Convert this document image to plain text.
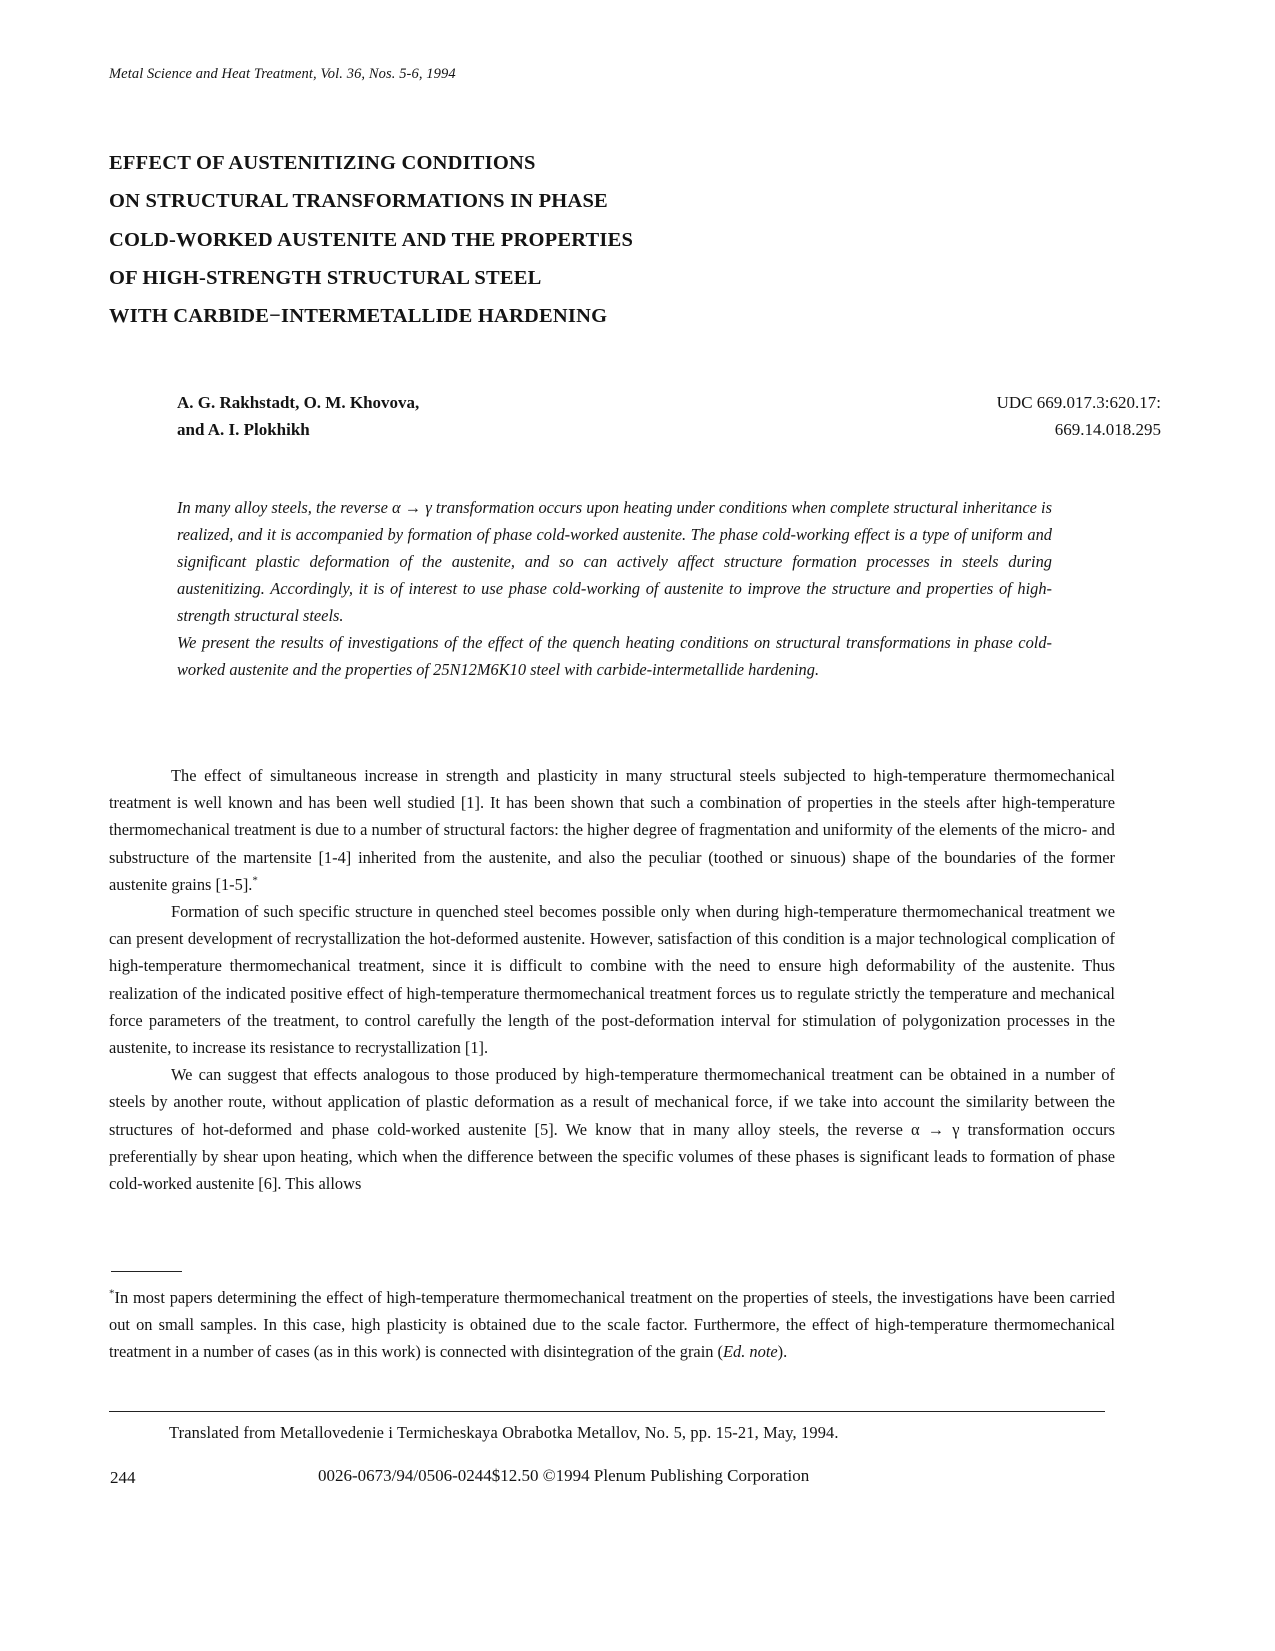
Metal Science and Heat Treatment, Vol. 36, Nos. 5-6, 1994
EFFECT OF AUSTENITIZING CONDITIONS
ON STRUCTURAL TRANSFORMATIONS IN PHASE
COLD-WORKED AUSTENITE AND THE PROPERTIES
OF HIGH-STRENGTH STRUCTURAL STEEL
WITH CARBIDE−INTERMETALLIDE HARDENING
A. G. Rakhstadt, O. M. Khovova,
and A. I. Plokhikh
UDC 669.017.3:620.17:
669.14.018.295

In many alloy steels, the reverse α → γ transformation occurs upon heating under conditions when complete structural inheritance is realized, and it is accompanied by formation of phase cold-worked austenite. The phase cold-working effect is a type of uniform and significant plastic deformation of the austenite, and so can actively affect structure formation processes in steels during austenitizing. Accordingly, it is of interest to use phase cold-working of austenite to improve the structure and properties of high-strength structural steels.

We present the results of investigations of the effect of the quench heating conditions on structural transformations in phase cold-worked austenite and the properties of 25N12M6K10 steel with carbide-intermetallide hardening.

The effect of simultaneous increase in strength and plasticity in many structural steels subjected to high-temperature thermomechanical treatment is well known and has been well studied [1]. It has been shown that such a combination of properties in the steels after high-temperature thermomechanical treatment is due to a number of structural factors: the higher degree of fragmentation and uniformity of the elements of the micro- and substructure of the martensite [1-4] inherited from the austenite, and also the peculiar (toothed or sinuous) shape of the boundaries of the former austenite grains [1-5].*

Formation of such specific structure in quenched steel becomes possible only when during high-temperature thermomechanical treatment we can present development of recrystallization the hot-deformed austenite. However, satisfaction of this condition is a major technological complication of high-temperature thermomechanical treatment, since it is difficult to combine with the need to ensure high deformability of the austenite. Thus realization of the indicated positive effect of high-temperature thermomechanical treatment forces us to regulate strictly the temperature and mechanical force parameters of the treatment, to control carefully the length of the post-deformation interval for stimulation of polygonization processes in the austenite, to increase its resistance to recrystallization [1].

We can suggest that effects analogous to those produced by high-temperature thermomechanical treatment can be obtained in a number of steels by another route, without application of plastic deformation as a result of mechanical force, if we take into account the similarity between the structures of hot-deformed and phase cold-worked austenite [5]. We know that in many alloy steels, the reverse α → γ transformation occurs preferentially by shear upon heating, which when the difference between the specific volumes of these phases is significant leads to formation of phase cold-worked austenite [6]. This allows

*In most papers determining the effect of high-temperature thermomechanical treatment on the properties of steels, the investigations have been carried out on small samples. In this case, high plasticity is obtained due to the scale factor. Furthermore, the effect of high-temperature thermomechanical treatment in a number of cases (as in this work) is connected with disintegration of the grain (Ed. note).

Translated from Metallovedenie i Termicheskaya Obrabotka Metallov, No. 5, pp. 15-21, May, 1994.
244	0026-0673/94/0506-0244$12.50 ©1994 Plenum Publishing Corporation
